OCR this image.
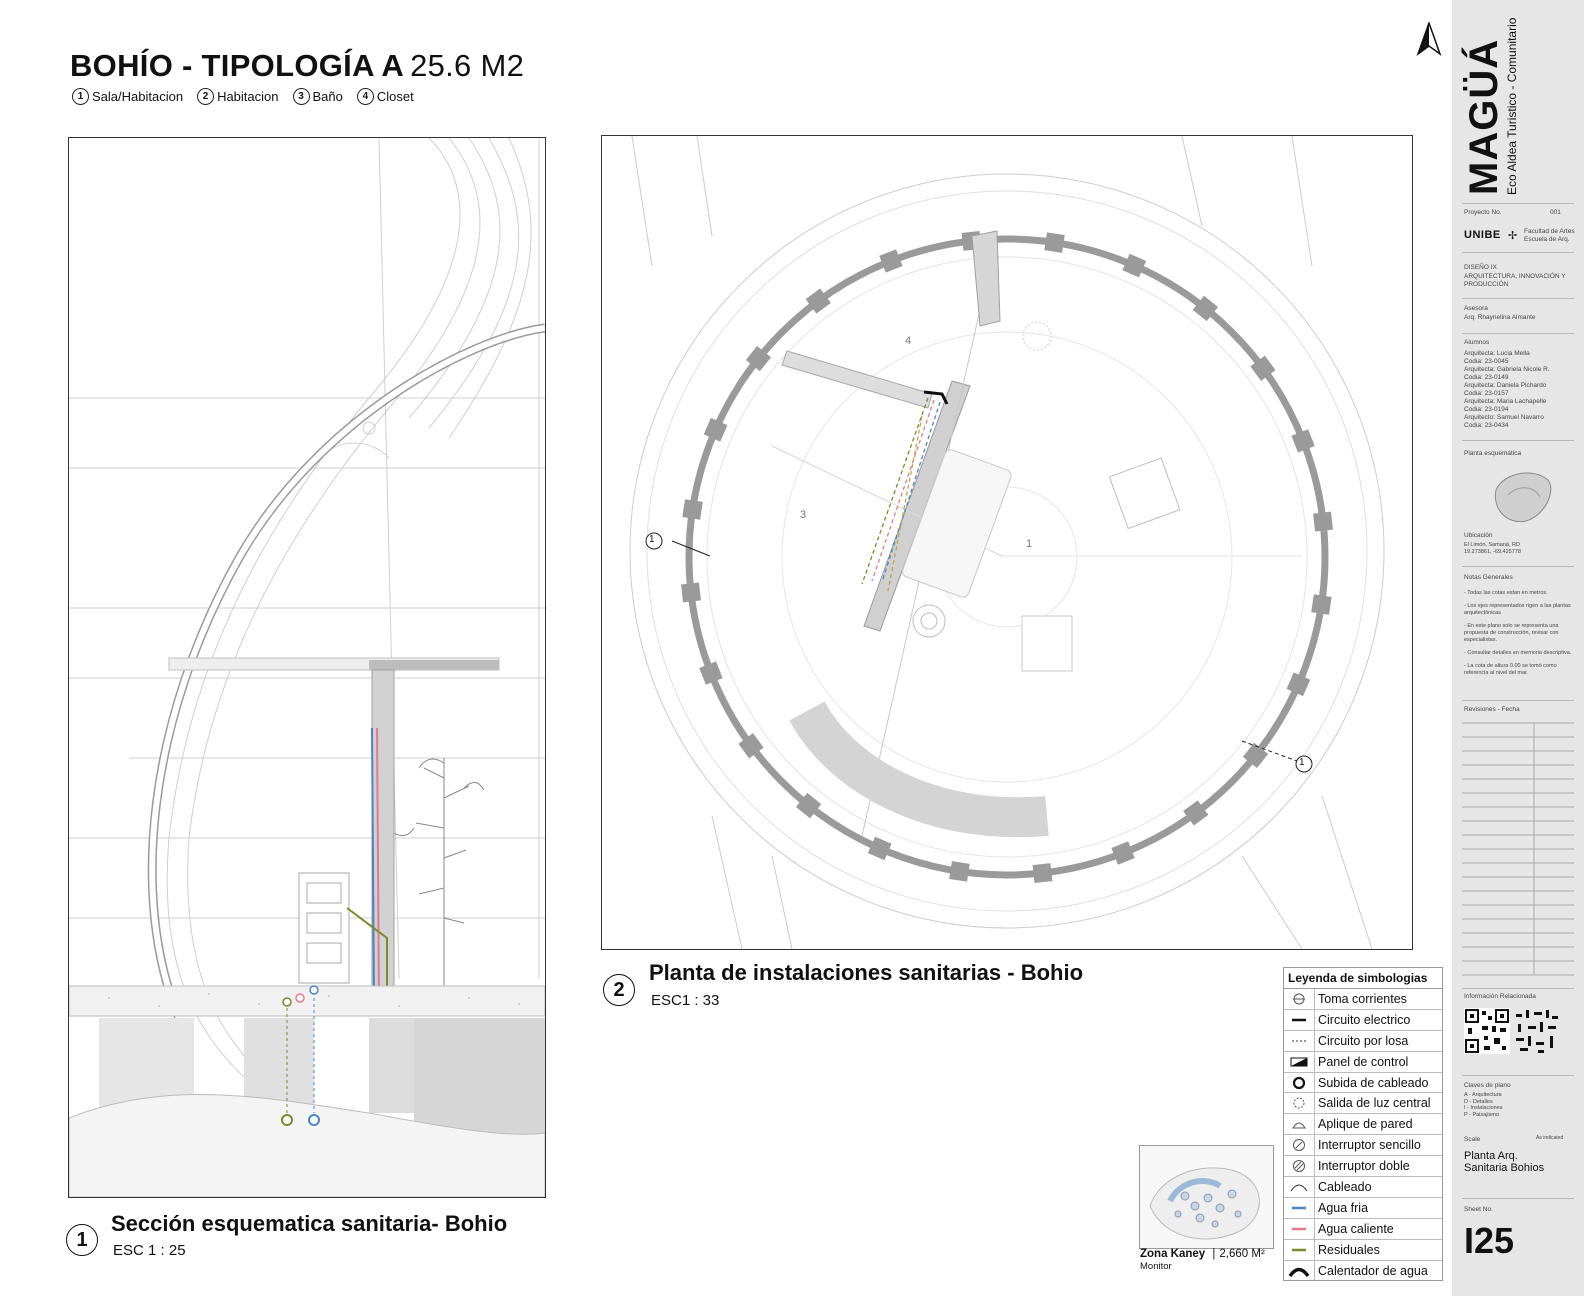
BOHÍO - TIPOLOGÍA A 25.6 M2
1 Sala/Habitacion	2 Habitacion	3 Baño	4 Closet
1
Sección esquematica sanitaria- Bohio
ESC 1 : 25
1
1
1
3
4
2
Planta de instalaciones sanitarias - Bohio
ESC1 : 33
Leyenda de simbologias
Toma corrientes
Circuito electrico
Circuito por losa
Panel de control
Subida de cableado
Salida de luz central
Aplique de pared
Interruptor sencillo
Interruptor doble
Cableado
Agua fria
Agua caliente
Residuales
Calentador de agua
Zona Kaney | 2,660 M²
Monitor
MAGÜÁ Eco Aldea Turistico - Comunitario
Proyecto No.	001
UNIBE ✢ Facultad de Artes Escuela de Arq.
DISEÑO IX
ARQUITECTURA, INNOVACIÓN Y PRODUCCIÓN
Asesora
Arq. Rhaynelina Almante
Alumnos
Arquitecta: Lucia Mella
Codia: 23-0045
Arquitecta: Gabriela Nicole R.
Codia: 23-0149
Arquitecta: Daniela Pichardo
Codia: 23-0157
Arquitecta: Maria Lachapelle
Codia: 23-0194
Arquitecto: Samuel Navarro
Codia: 23-0434
Planta esquemática
Ubicación
El Limón, Samaná, RD
19.273861, -69.425778
Notas Generales
- Todas las cotas estan en metros.
- Los ejes representados rigen a las plantas arquitectónicas
- En este plano solo se representa una propuesta de construcción, revisar con especialistas.
- Consultar detalles en memoria descriptiva.
- La cota de altura 0.00 se tomó como referencia al nivel del mar.
Revisiones - Fecha
Información Relacionada
Claves de plano
A - Arquitectura
D - Detalles
I - Instalaciones
P - Paisajismo
Scale	As indicated
Planta Arq. Sanitaria Bohios
Sheet No.
I25
